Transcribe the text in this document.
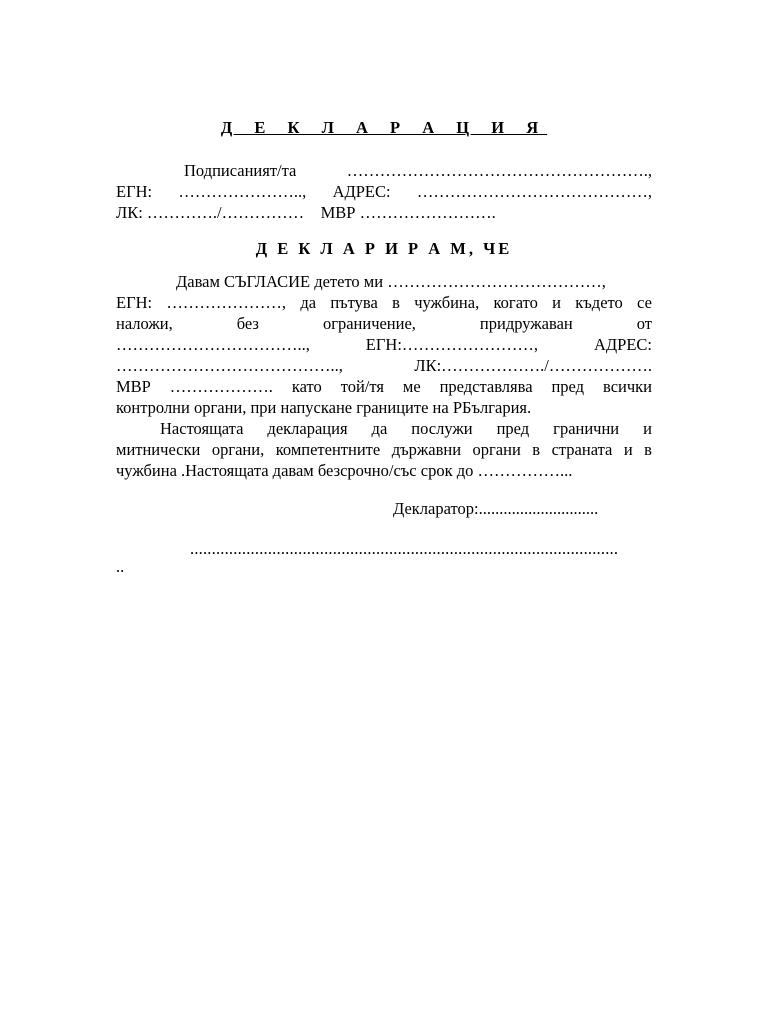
Д Е К Л А Р А Ц И Я
Подписаният/та	……………………………………………….,
ЕГН: ………………….., АДРЕС: ……………………………………,
ЛК: …………./…………… МВР …………………….
Д Е К Л А Р И Р А М, ЧЕ
Давам СЪГЛАСИЕ детето ми …………………………………,
ЕГН: …………………, да пътува в чужбина, когато и където се
наложи,	без	ограничение,	придружаван	от
……………………………..,	ЕГН:……………………,	АДРЕС:
…………………………………..,	ЛК:………………./……………….
МВР ………………. като той/тя ме представлява пред всички
контролни органи, при напускане границите на РБългария.
Настоящата декларация да послужи пред гранични и
митнически органи, компетентните държавни органи в страната и в
чужбина .Настоящата давам безсрочно/със срок до ……………...
Декларатор:.............................
...................................................................................................
..
